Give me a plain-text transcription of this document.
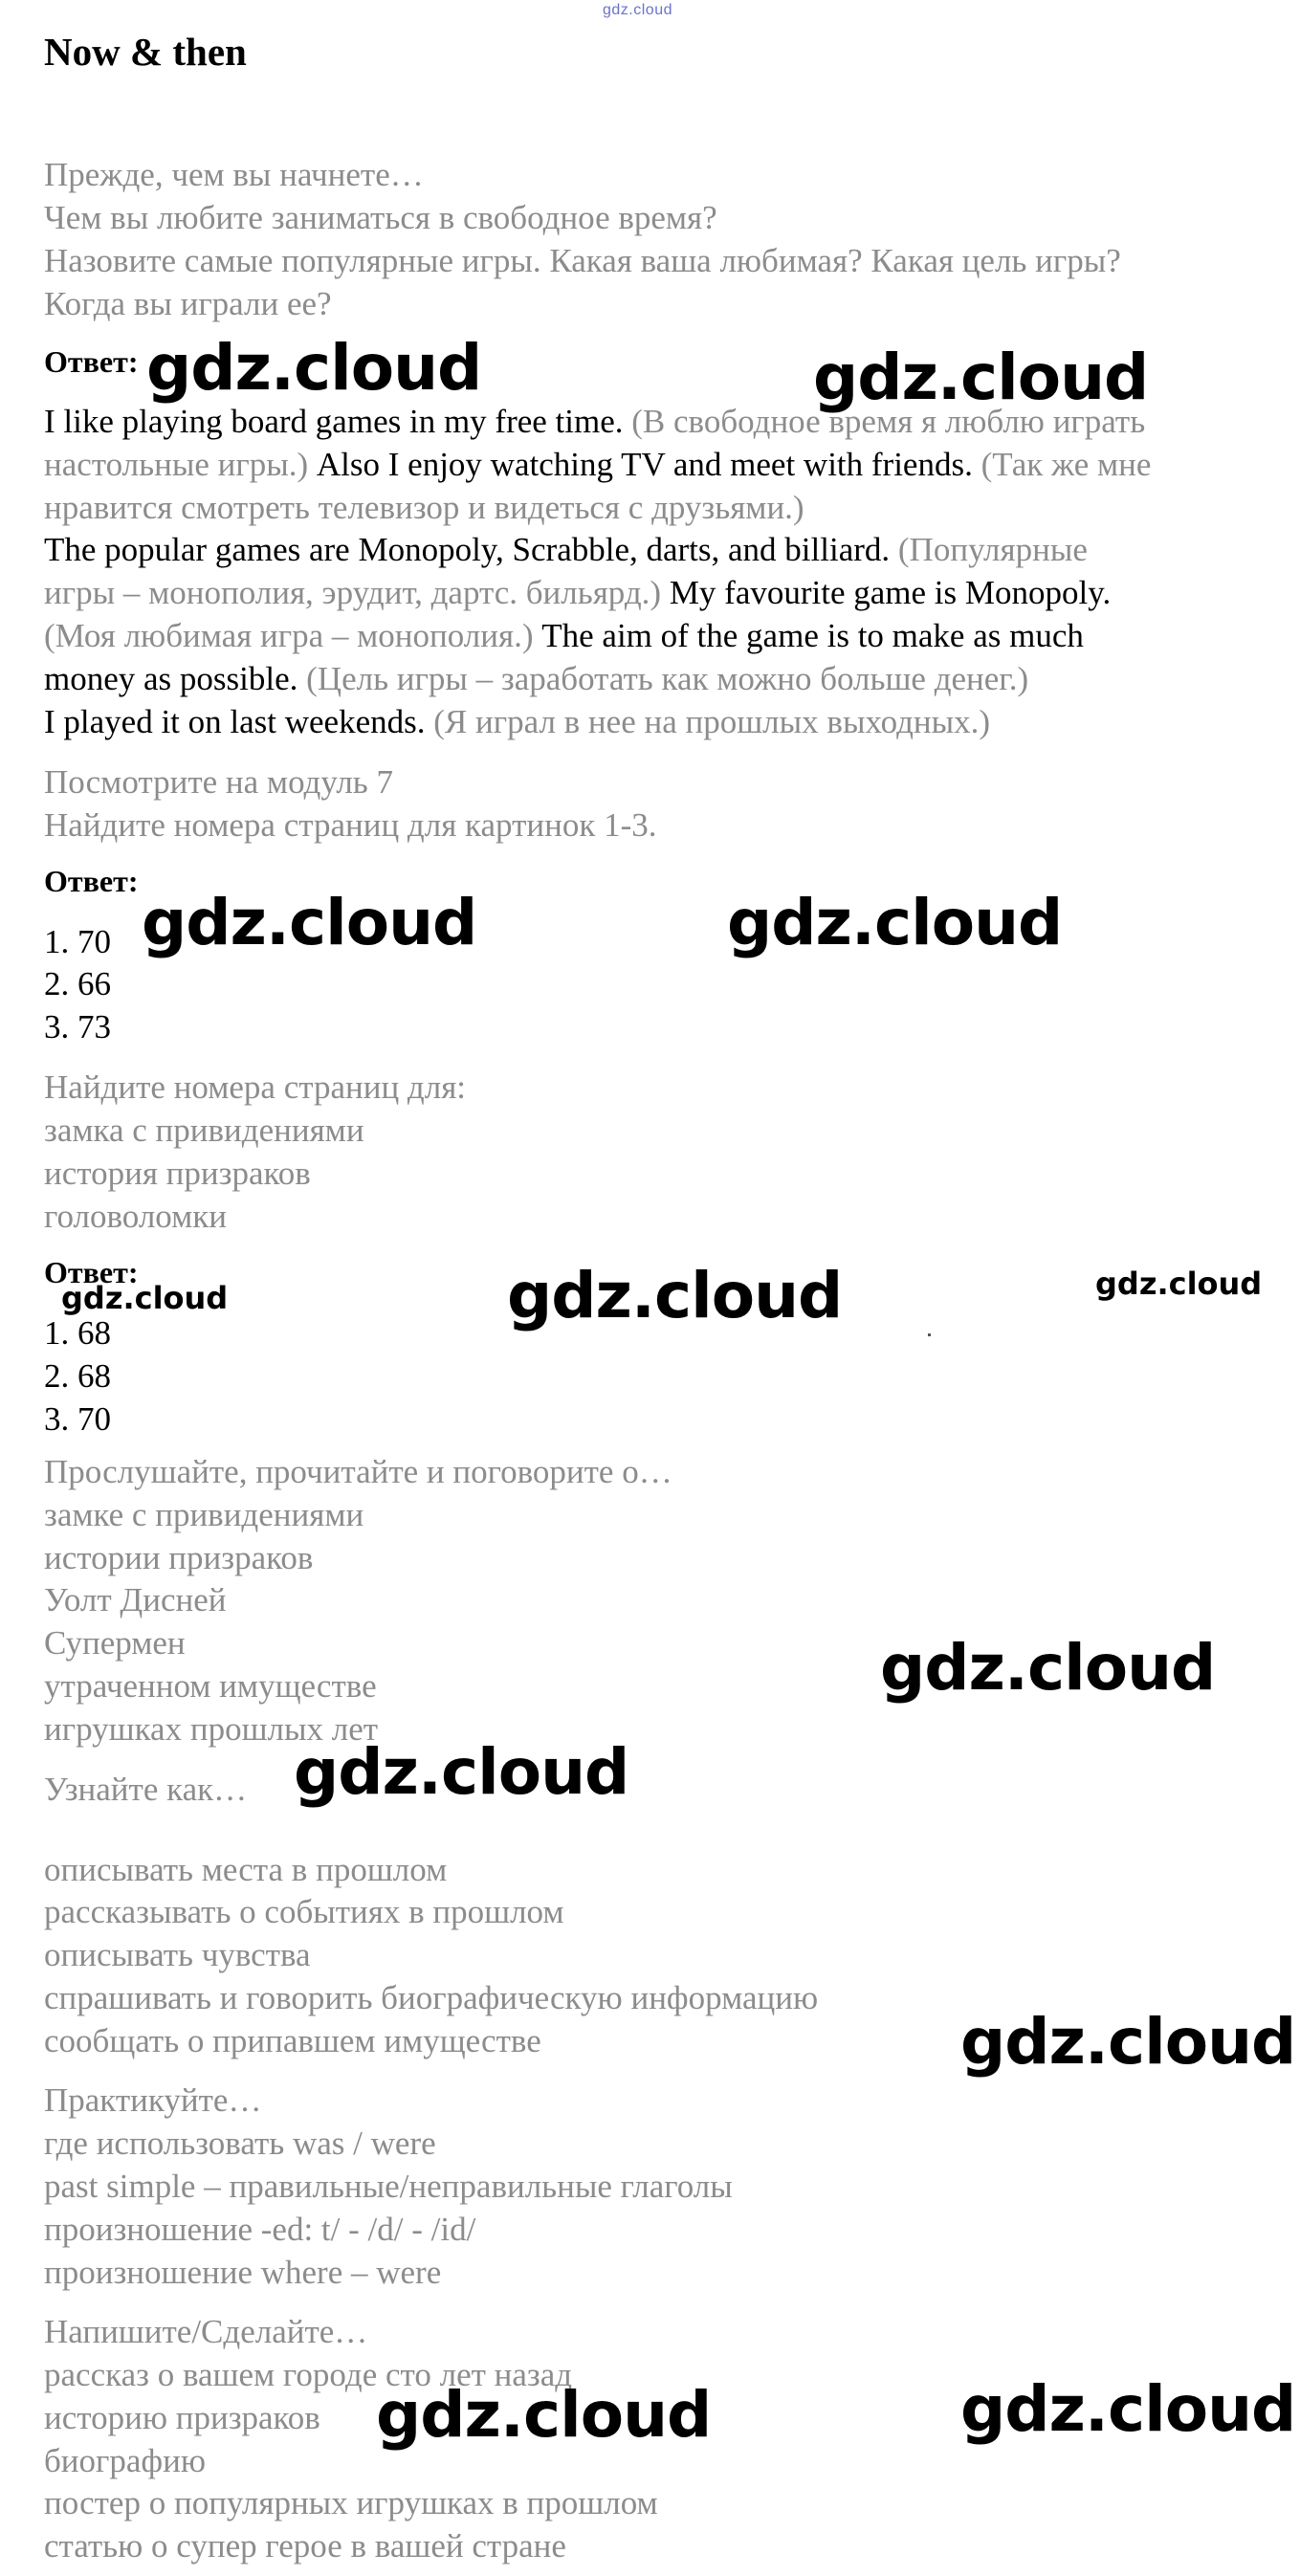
gdz.cloud
Now & then
Прежде, чем вы начнете…
Чем вы любите заниматься в свободное время?
Назовите самые популярные игры. Какая ваша любимая? Какая цель игры?
Когда вы играли ее?
Ответ:
I like playing board games in my free time. (В свободное время я люблю играть
настольные игры.) Also I enjoy watching TV and meet with friends. (Так же мне
нравится смотреть телевизор и видеться с друзьями.)
The popular games are Monopoly, Scrabble, darts, and billiard. (Популярные
игры – монополия, эрудит, дартс. бильярд.) My favourite game is Monopoly.
(Моя любимая игра – монополия.) The aim of the game is to make as much
money as possible. (Цель игры – заработать как можно больше денег.)
I played it on last weekends. (Я играл в нее на прошлых выходных.)
Посмотрите на модуль 7
Найдите номера страниц для картинок 1-3.
Ответ:
1. 70
2. 66
3. 73
Найдите номера страниц для:
замка с привидениями
история призраков
головоломки
Ответ:
1. 68
2. 68
3. 70
Прослушайте, прочитайте и поговорите о…
замке с привидениями
истории призраков
Уолт Дисней
Супермен
утраченном имуществе
игрушках прошлых лет
Узнайте как…
описывать места в прошлом
рассказывать о событиях в прошлом
описывать чувства
спрашивать и говорить биографическую информацию
сообщать о припавшем имуществе
Практикуйте…
где использовать was / were
past simple – правильные/неправильные глаголы
произношение -ed: t/ - /d/ - /id/
произношение where – were
Напишите/Сделайте…
рассказ о вашем городе сто лет назад
историю призраков
биографию
постер о популярных игрушках в прошлом
статью о супер герое в вашей стране
gdz.cloud	gdz.cloud
gdz.cloud	gdz.cloud
gdz.cloud	gdz.cloud	gdz.cloud
gdz.cloud
gdz.cloud
gdz.cloud
gdz.cloud	gdz.cloud
